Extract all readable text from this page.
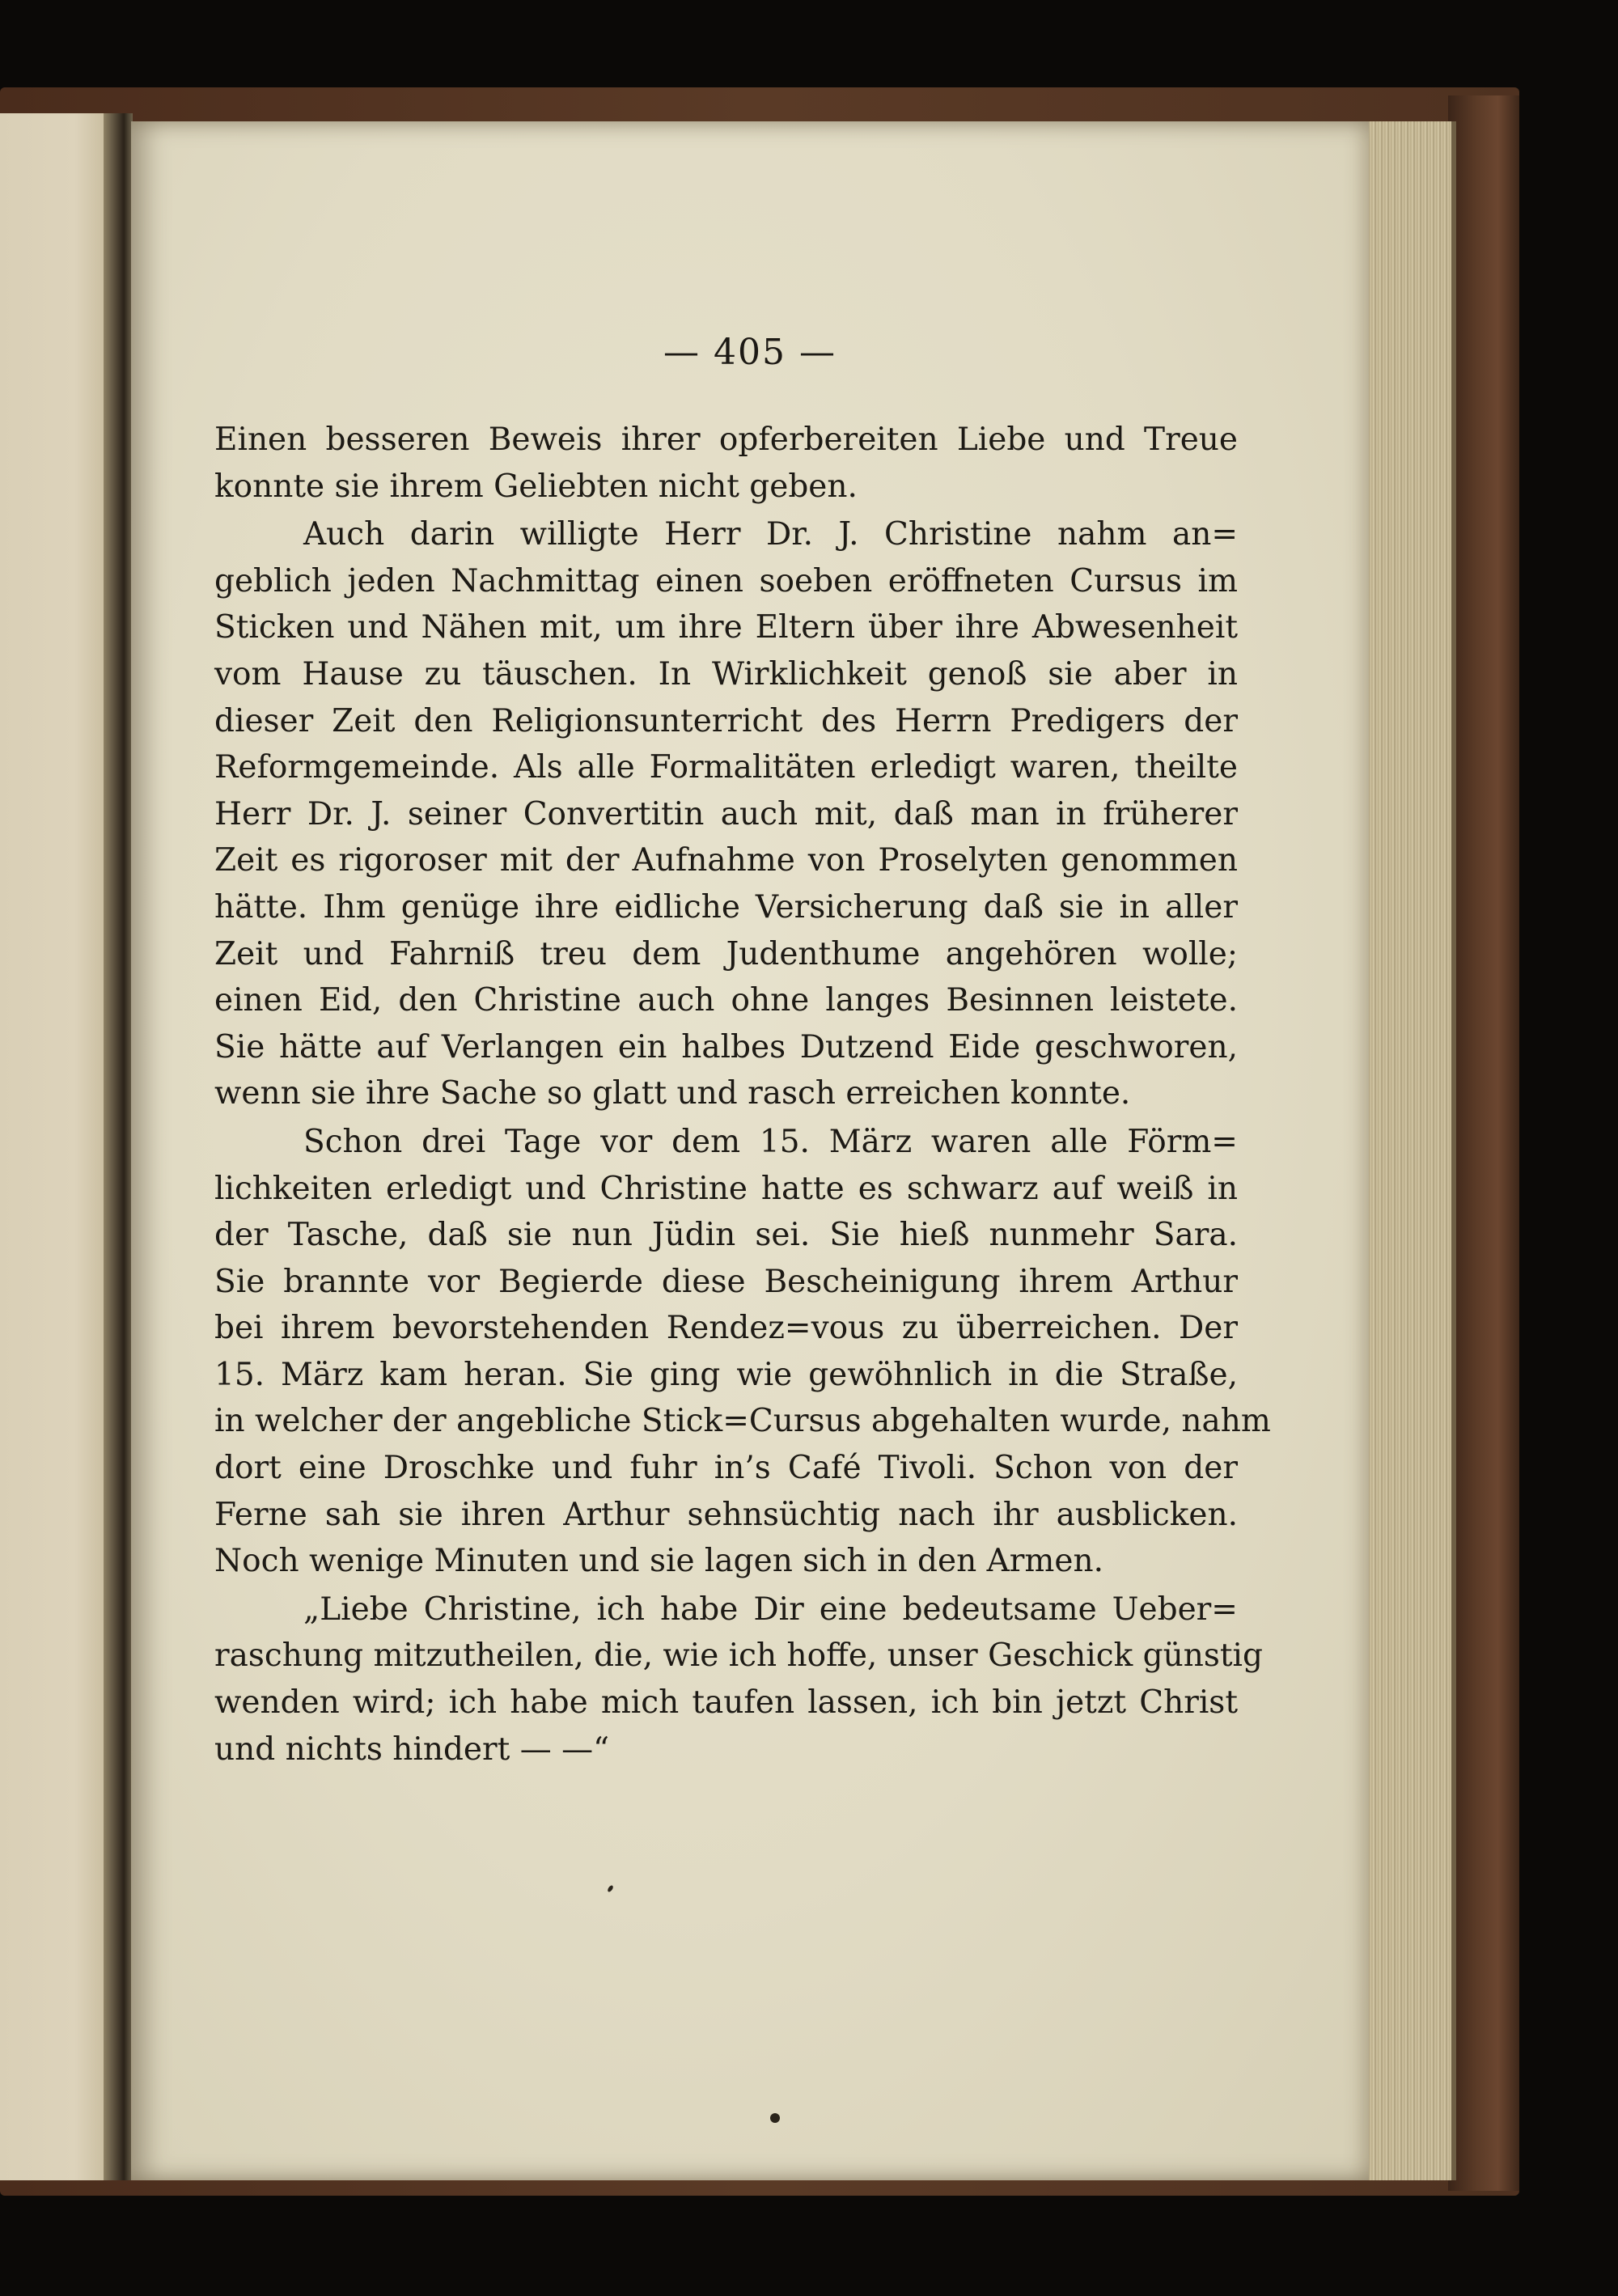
— 405 —
Einen besseren Beweis ihrer opferbereiten Liebe und Treue
konnte sie ihrem Geliebten nicht geben.
Auch darin willigte Herr Dr. J. Christine nahm an=
geblich jeden Nachmittag einen soeben eröffneten Cursus im
Sticken und Nähen mit, um ihre Eltern über ihre Abwesenheit
vom Hause zu täuschen. In Wirklichkeit genoß sie aber in
dieser Zeit den Religionsunterricht des Herrn Predigers der
Reformgemeinde. Als alle Formalitäten erledigt waren, theilte
Herr Dr. J. seiner Convertitin auch mit, daß man in früherer
Zeit es rigoroser mit der Aufnahme von Proselyten genommen
hätte. Ihm genüge ihre eidliche Versicherung daß sie in aller
Zeit und Fahrniß treu dem Judenthume angehören wolle;
einen Eid, den Christine auch ohne langes Besinnen leistete.
Sie hätte auf Verlangen ein halbes Dutzend Eide geschworen,
wenn sie ihre Sache so glatt und rasch erreichen konnte.
Schon drei Tage vor dem 15. März waren alle Förm=
lichkeiten erledigt und Christine hatte es schwarz auf weiß in
der Tasche, daß sie nun Jüdin sei. Sie hieß nunmehr Sara.
Sie brannte vor Begierde diese Bescheinigung ihrem Arthur
bei ihrem bevorstehenden Rendez=vous zu überreichen. Der
15. März kam heran. Sie ging wie gewöhnlich in die Straße,
in welcher der angebliche Stick=Cursus abgehalten wurde, nahm
dort eine Droschke und fuhr in’s Café Tivoli. Schon von der
Ferne sah sie ihren Arthur sehnsüchtig nach ihr ausblicken.
Noch wenige Minuten und sie lagen sich in den Armen.
„Liebe Christine, ich habe Dir eine bedeutsame Ueber=
raschung mitzutheilen, die, wie ich hoffe, unser Geschick günstig
wenden wird; ich habe mich taufen lassen, ich bin jetzt Christ
und nichts hindert — —“
